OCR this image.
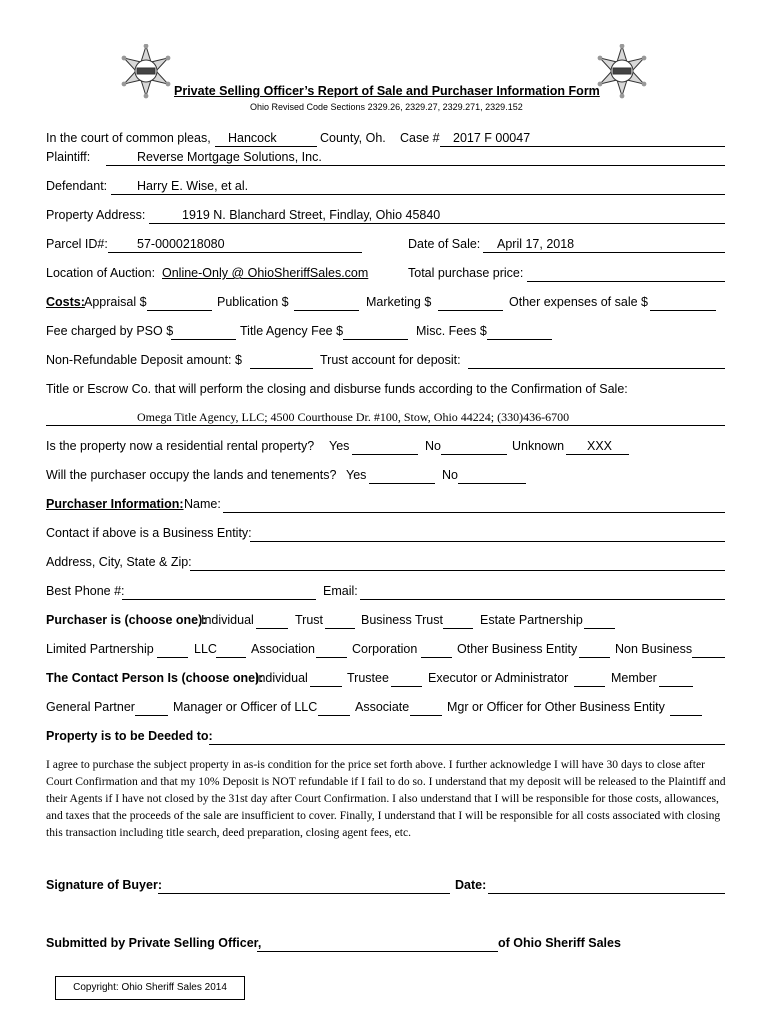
Private Selling Officer’s Report of Sale and Purchaser Information Form
Ohio Revised Code Sections 2329.26, 2329.27, 2329.271, 2329.152
In the court of common pleas, Hancock	County, Oh. Case # 2017 F 00047
Plaintiff:	Reverse Mortgage Solutions, Inc.
Defendant: Harry E. Wise, et al.
Property Address:	1919 N. Blanchard Street, Findlay, Ohio 45840
Parcel ID#: 57-0000218080	Date of Sale: April 17, 2018
Location of Auction: Online-Only @ OhioSheriffSales.com	Total purchase price:
Costs: Appraisal $	Publication $	Marketing $	Other expenses of sale $
Fee charged by PSO $	Title Agency Fee $	Misc. Fees $
Non-Refundable Deposit amount: $	Trust account for deposit:
Title or Escrow Co. that will perform the closing and disburse funds according to the Confirmation of Sale:
Omega Title Agency, LLC; 4500 Courthouse Dr. #100, Stow, Ohio 44224; (330)436-6700
Is the property now a residential rental property? Yes	No	Unknown XXX
Will the purchaser occupy the lands and tenements? Yes	No
Purchaser Information: Name:
Contact if above is a Business Entity:
Address, City, State & Zip:
Best Phone #:	Email:
Purchaser is (choose one):
Individual	Trust	Business Trust	Estate Partnership
Limited Partnership	LLC	Association	Corporation	Other Business Entity	Non Business
The Contact Person Is (choose one):
Individual	Trustee	Executor or Administrator	Member
General Partner	Manager or Officer of LLC	Associate	Mgr or Officer for Other Business Entity
Property is to be Deeded to:
I agree to purchase the subject property in as-is condition for the price set forth above. I further acknowledge I will have 30 days to close after Court Confirmation and that my 10% Deposit is NOT refundable if I fail to do so. I understand that my deposit will be released to the Plaintiff and their Agents if I have not closed by the 31st day after Court Confirmation. I also understand that I will be responsible for those costs, allowances, and taxes that the proceeds of the sale are insufficient to cover. Finally, I understand that I will be responsible for all costs associated with closing this transaction including title search, deed preparation, closing agent fees, etc.
Signature of Buyer:	Date:
Submitted by Private Selling Officer,	of Ohio Sheriff Sales
Copyright: Ohio Sheriff Sales 2014
